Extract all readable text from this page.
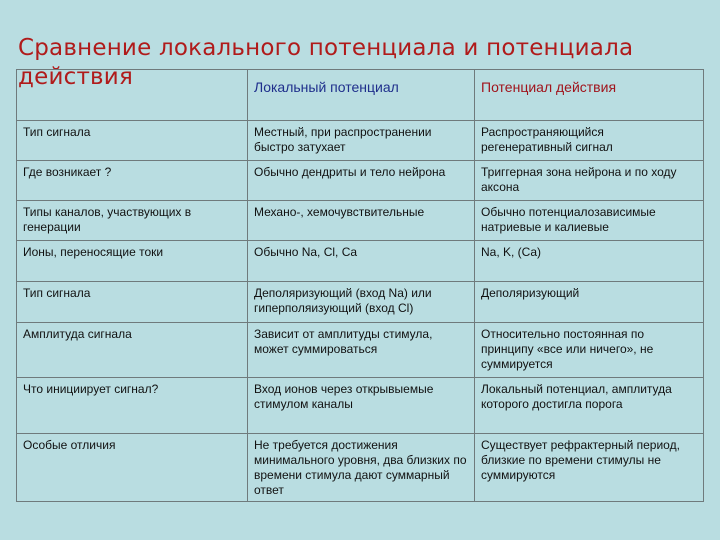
Сравнение локального потенциала и потенциала действия
		Локальный потенциал	Потенциал действия
Тип сигнала	Местный, при распространении быстро затухает	Распространяющийся регенеративный сигнал
Где возникает ?	Обычно дендриты и тело нейрона	Триггерная зона нейрона и по ходу аксона
Типы каналов, участвующих в генерации	Механо-, хемочувствительные	Обычно потенциалозависимые натриевые и калиевые
Ионы, переносящие токи	Обычно Na, Cl, Ca	Na, K, (Ca)
Тип сигнала	Деполяризующий (вход Na) или гиперполяизующий (вход Cl)	Деполяризующий
Амплитуда сигнала	Зависит от амплитуды стимула, может суммироваться	Относительно постоянная по принципу «все или ничего», не суммируется
Что инициирует сигнал?	Вход ионов через открывыемые стимулом каналы	Локальный потенциал, амплитуда которого достигла порога
Особые отличия	Не требуется достижения минимального уровня, два близких по времени стимула дают суммарный ответ	Существует рефрактерный период, близкие по времени стимулы не суммируются
